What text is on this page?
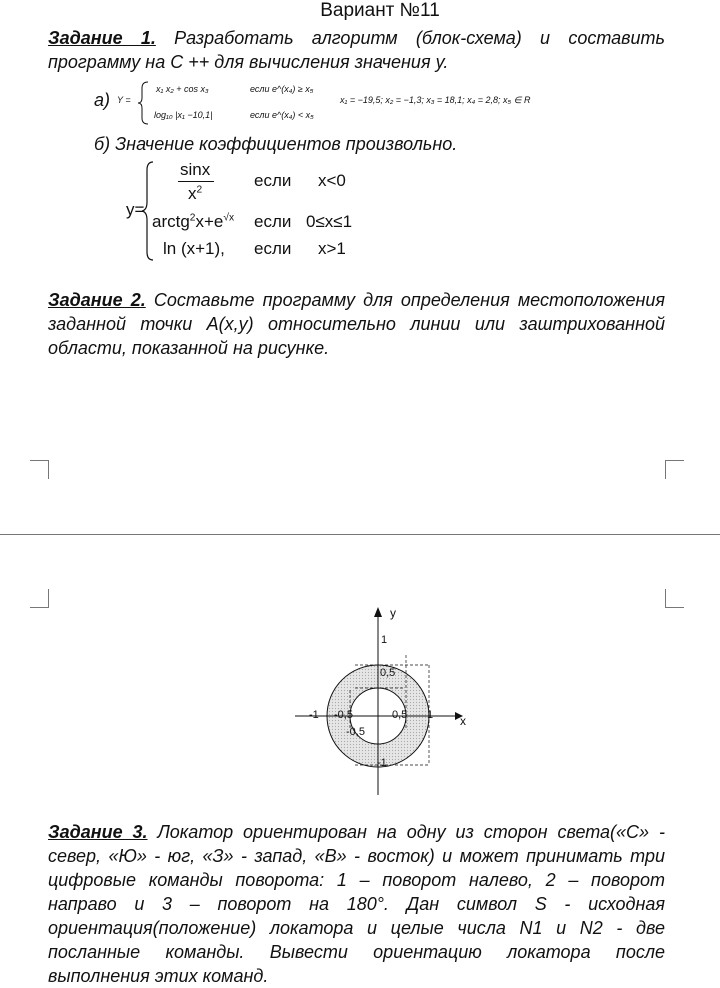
Вариант №11
Задание 1. Разработать алгоритм (блок-схема) и составить программу на С ++ для вычисления значения у.
а) Y =
x₁ x₂ + cos x₃	если e^(x₄) ≥ x₅
log₁₀ |x₁ −10,1|	если e^(x₄) < x₅
x₁ = −19,5; x₂ = −1,3; x₃ = 18,1; x₄ = 2,8; x₅ ∈ R
б) Значение коэффициентов произвольно.
y=
sinx
$x^2$	если x<0
$arctg^2x+e^{√x}$ если 0≤x≤1
ln (x+1), если x>1
Задание 2. Составьте программу для определения местоположения заданной точки A(x,y) относительно линии или заштрихованной области, показанной на рисунке.
y
x
1
0,5
-0,5
-1
-1 -0,5	0,5 1
Задание 3. Локатор ориентирован на одну из сторон света(«С» - север, «Ю» - юг, «З» - запад, «В» - восток) и может принимать три цифровые команды поворота: 1 – поворот налево, 2 – поворот направо и 3 – поворот на 180°. Дан символ S - исходная ориентация(положение) локатора и целые числа N1 и N2 - две посланные команды. Вывести ориентацию локатора после выполнения этих команд.
